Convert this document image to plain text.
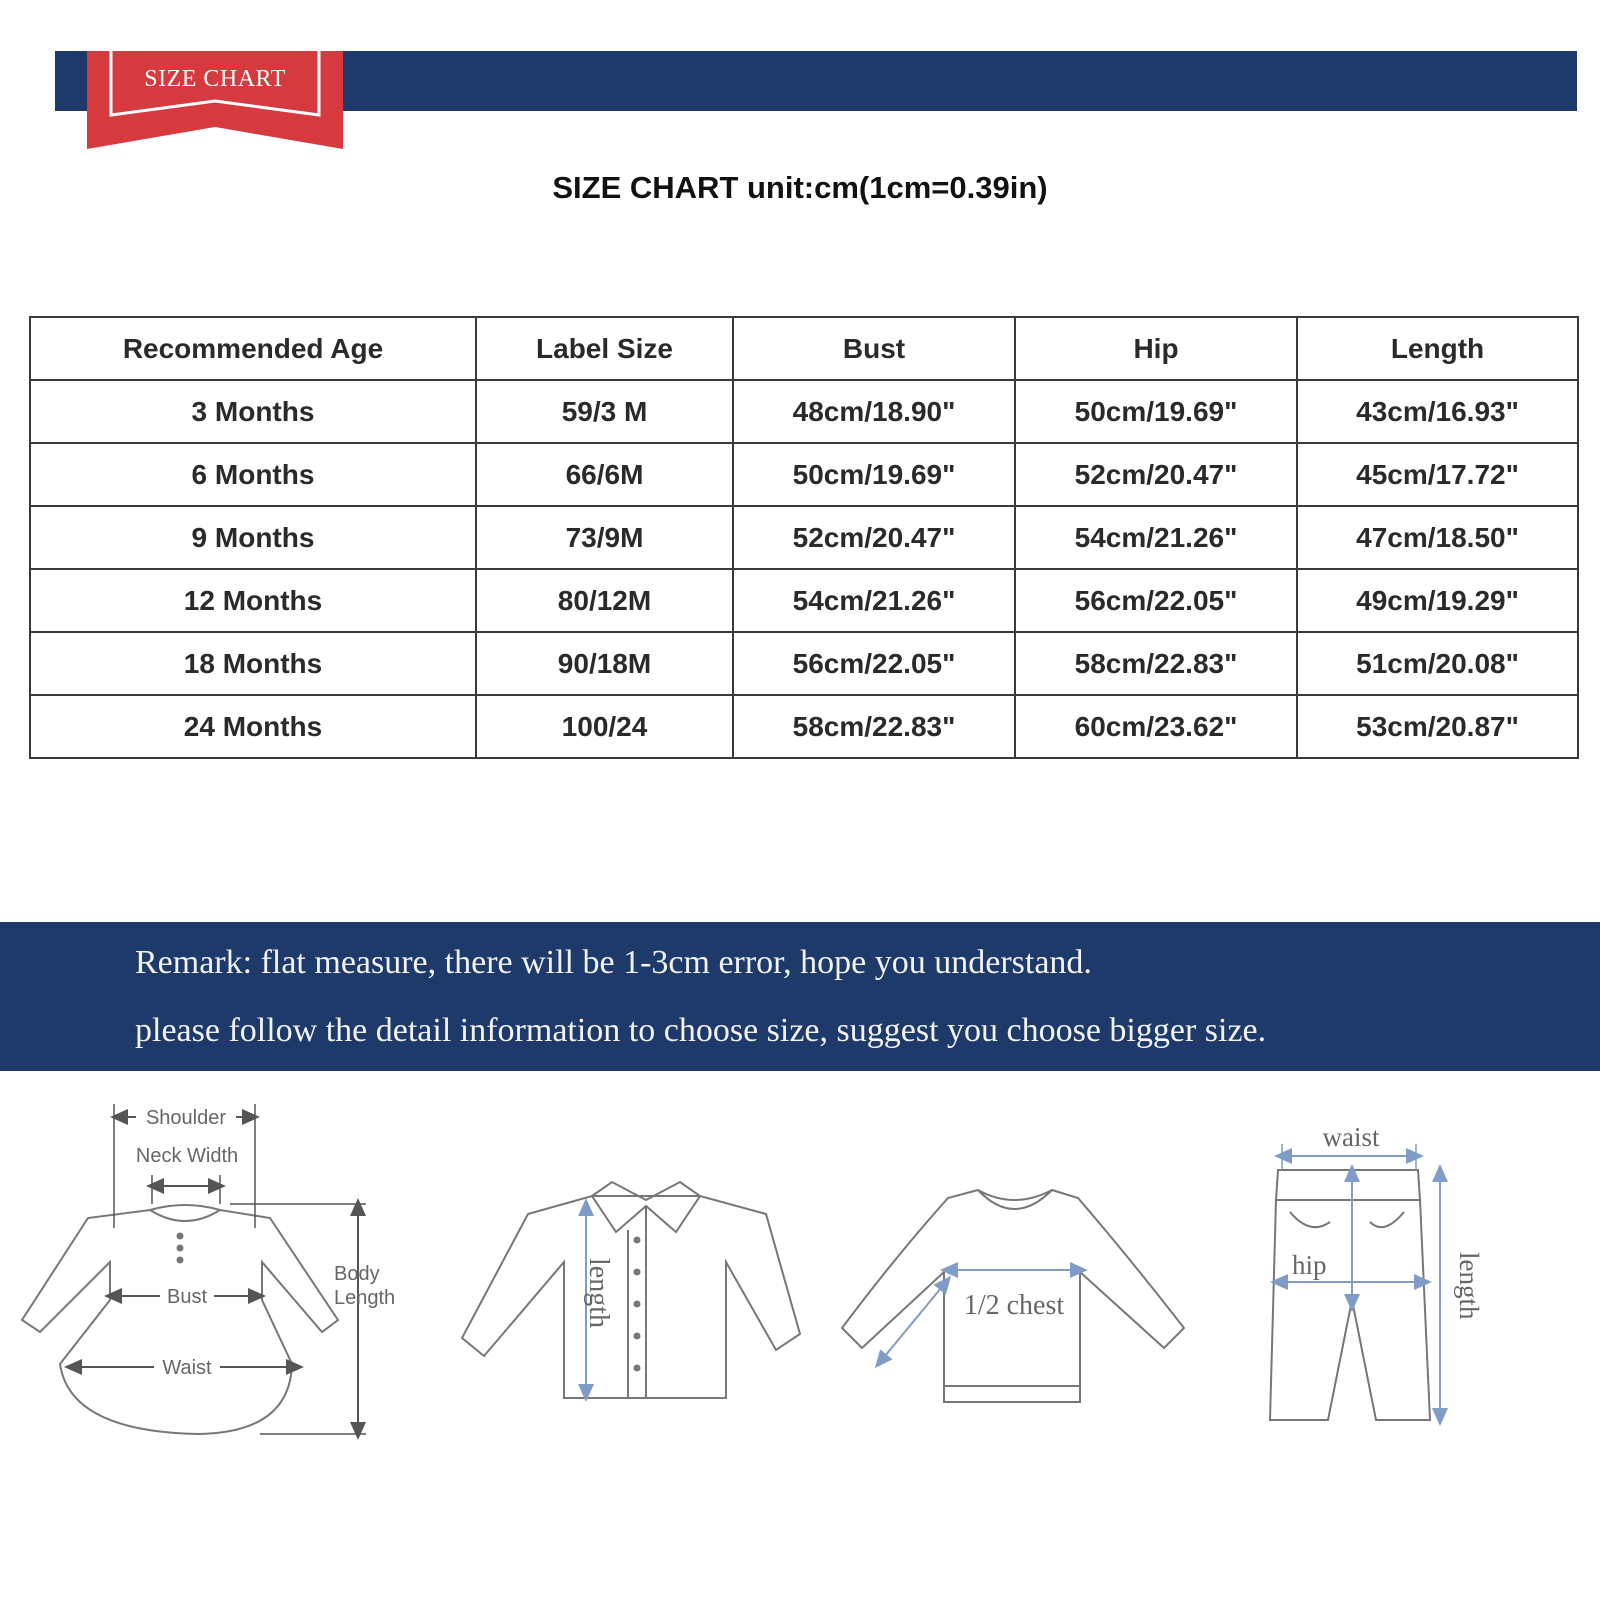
SIZE CHART
SIZE CHART unit:cm(1cm=0.39in)
Recommended Age	Label Size	Bust	Hip	Length
3 Months	59/3 M	48cm/18.90"	50cm/19.69"	43cm/16.93"
6 Months	66/6M	50cm/19.69"	52cm/20.47"	45cm/17.72"
9 Months	73/9M	52cm/20.47"	54cm/21.26"	47cm/18.50"
12 Months	80/12M	54cm/21.26"	56cm/22.05"	49cm/19.29"
18 Months	90/18M	56cm/22.05"	58cm/22.83"	51cm/20.08"
24 Months	100/24	58cm/22.83"	60cm/23.62"	53cm/20.87"
Remark: flat measure, there will be 1-3cm error, hope you understand.
please follow the detail information to choose size, suggest you choose bigger size.
Shoulder
Neck Width
Body
Length
Bust
Waist
length	1/2 chest
waist
hip	length
